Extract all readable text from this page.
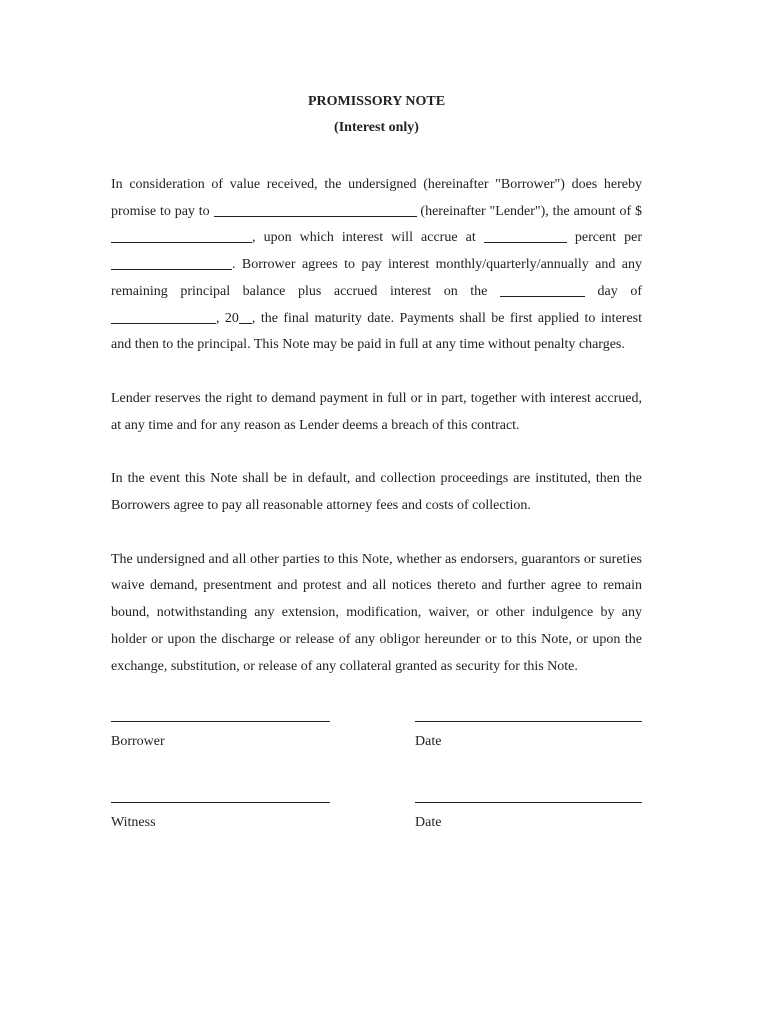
PROMISSORY NOTE

(Interest only)

In consideration of value received, the undersigned (hereinafter "Borrower") does hereby promise to pay to	(hereinafter "Lender"), the amount of $, upon which interest will accrue at	percent per . Borrower agrees to pay interest monthly/quarterly/annually and any remaining principal balance plus accrued interest on the	day of , 20 , the final maturity date. Payments shall be first applied to interest and then to the principal. This Note may be paid in full at any time without penalty charges.

Lender reserves the right to demand payment in full or in part, together with interest accrued, at any time and for any reason as Lender deems a breach of this contract.

In the event this Note shall be in default, and collection proceedings are instituted, then the Borrowers agree to pay all reasonable attorney fees and costs of collection.

The undersigned and all other parties to this Note, whether as endorsers, guarantors or sureties waive demand, presentment and protest and all notices thereto and further agree to remain bound, notwithstanding any extension, modification, waiver, or other indulgence by any holder or upon the discharge or release of any obligor hereunder or to this Note, or upon the exchange, substitution, or release of any collateral granted as security for this Note.

Borrower	Date
Witness	Date
